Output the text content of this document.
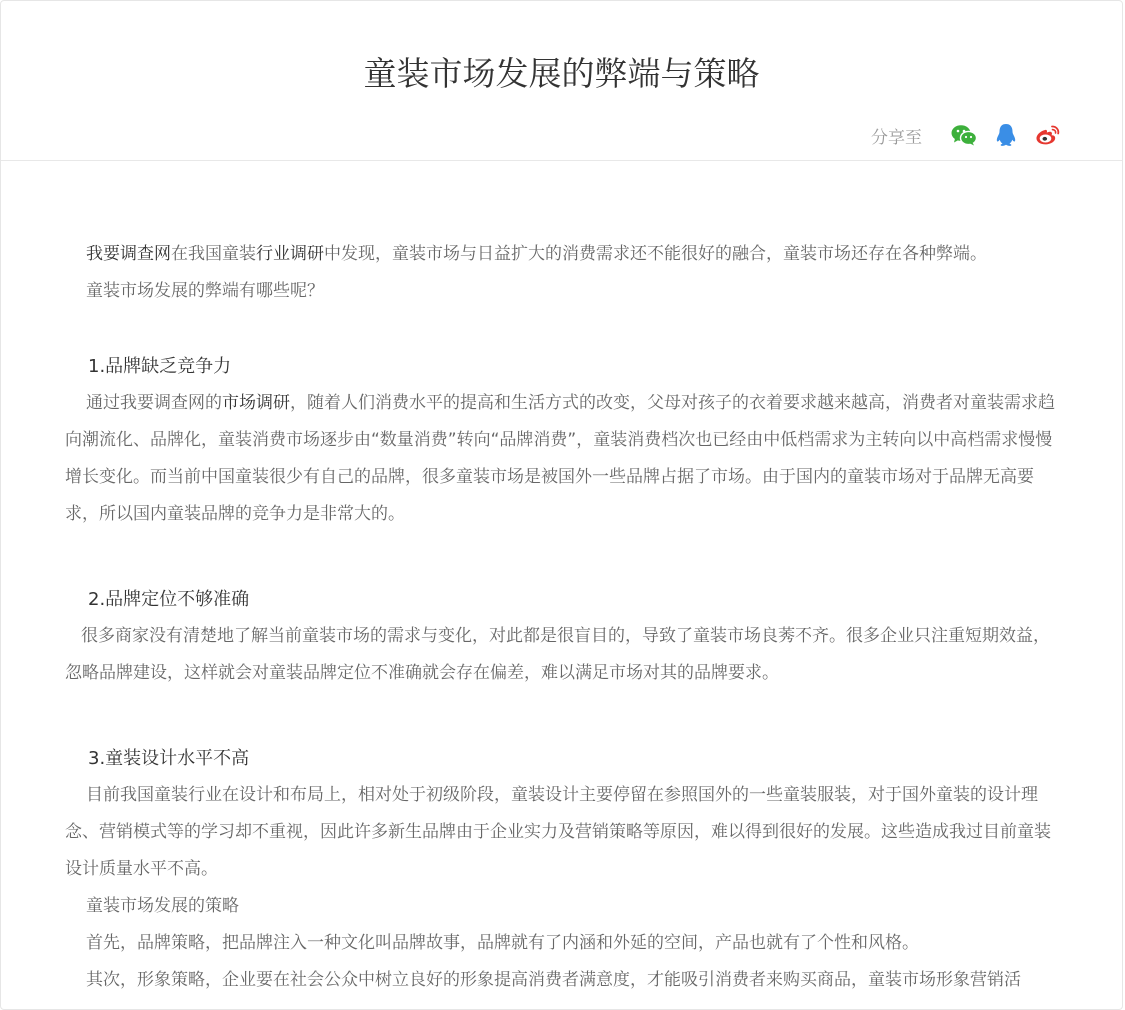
童装市场发展的弊端与策略
分享至

我要调查网在我国童装行业调研中发现，童装市场与日益扩大的消费需求还不能很好的融合，童装市场还存在各种弊端。

童装市场发展的弊端有哪些呢？

1.品牌缺乏竞争力

通过我要调查网的市场调研，随着人们消费水平的提高和生活方式的改变，父母对孩子的衣着要求越来越高，消费者对童装需求趋向潮流化、品牌化，童装消费市场逐步由“数量消费”转向“品牌消费”，童装消费档次也已经由中低档需求为主转向以中高档需求慢慢增长变化。而当前中国童装很少有自己的品牌，很多童装市场是被国外一些品牌占据了市场。由于国内的童装市场对于品牌无高要求，所以国内童装品牌的竞争力是非常大的。

2.品牌定位不够准确

很多商家没有清楚地了解当前童装市场的需求与变化，对此都是很盲目的，导致了童装市场良莠不齐。很多企业只注重短期效益，忽略品牌建设，这样就会对童装品牌定位不准确就会存在偏差，难以满足市场对其的品牌要求。

3.童装设计水平不高

目前我国童装行业在设计和布局上，相对处于初级阶段，童装设计主要停留在参照国外的一些童装服装，对于国外童装的设计理念、营销模式等的学习却不重视，因此许多新生品牌由于企业实力及营销策略等原因，难以得到很好的发展。这些造成我过目前童装设计质量水平不高。

童装市场发展的策略

首先，品牌策略，把品牌注入一种文化叫品牌故事，品牌就有了内涵和外延的空间，产品也就有了个性和风格。

其次，形象策略，企业要在社会公众中树立良好的形象提高消费者满意度，才能吸引消费者来购买商品，童装市场形象营销活
